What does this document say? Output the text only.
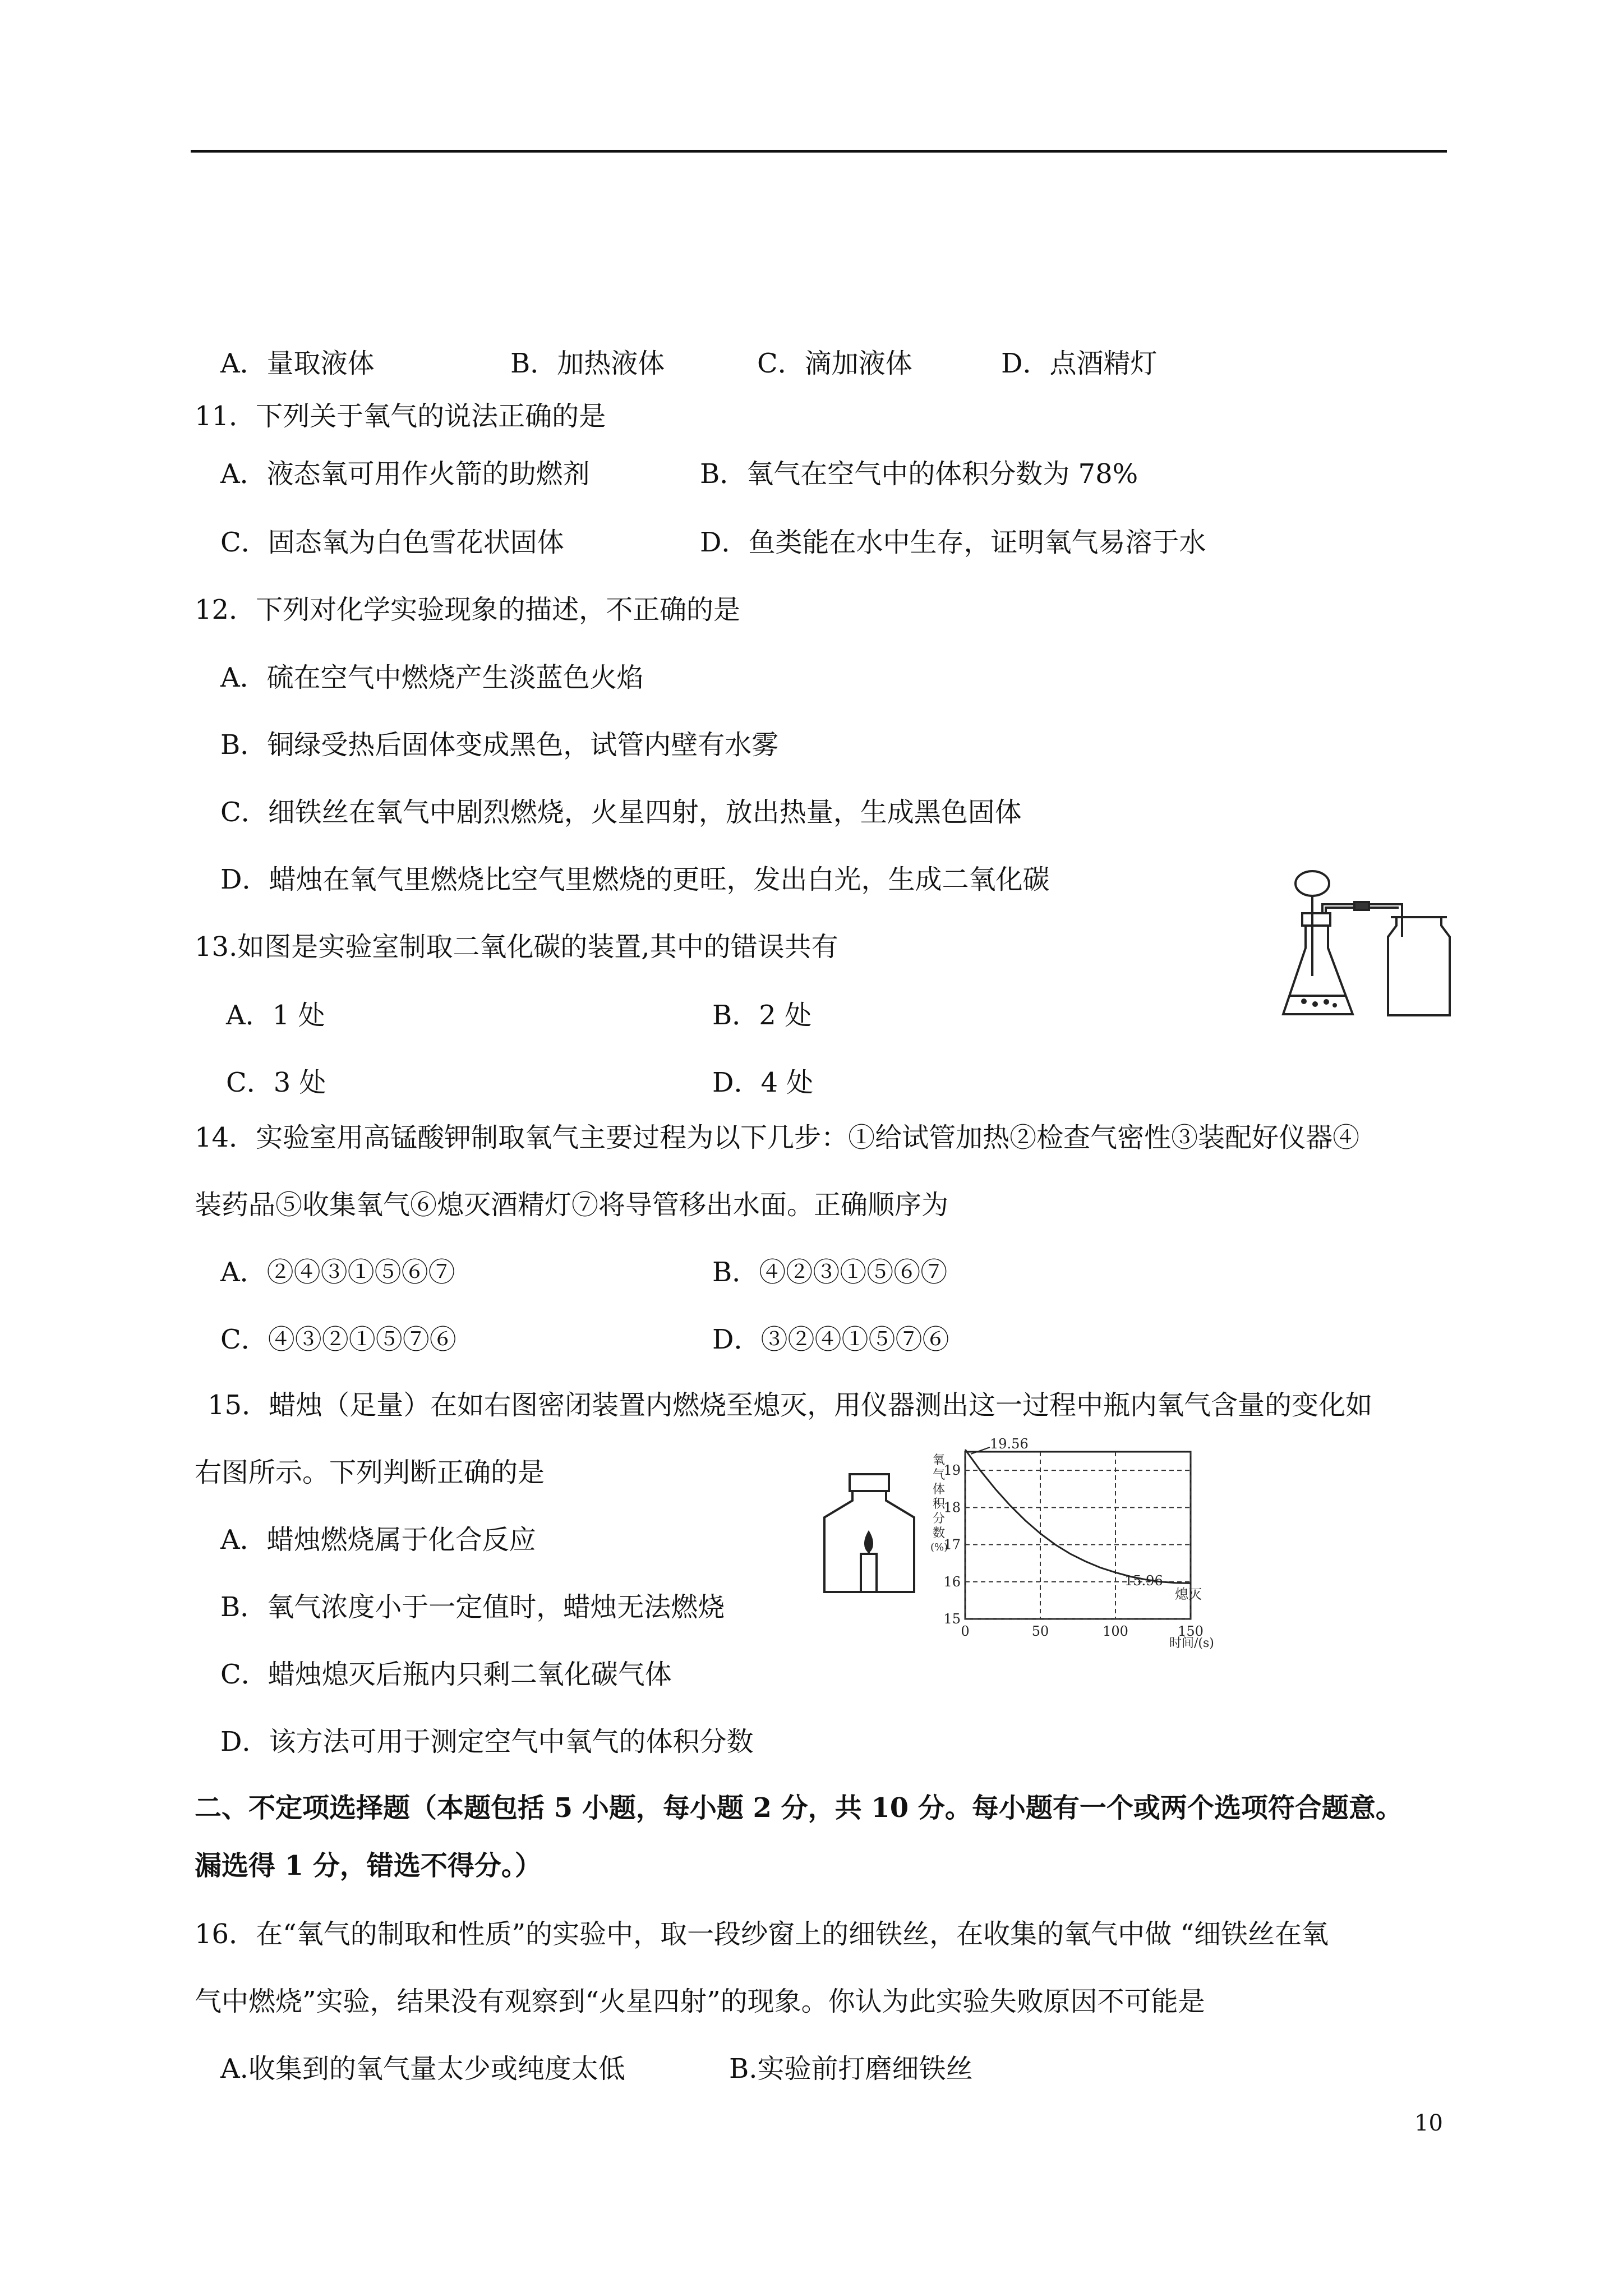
A．量取液体	B．加热液体	C．滴加液体	D．点酒精灯
11．下列关于氧气的说法正确的是
A．液态氧可用作火箭的助燃剂	B．氧气在空气中的体积分数为 78%
C．固态氧为白色雪花状固体	D．鱼类能在水中生存，证明氧气易溶于水
12．下列对化学实验现象的描述，不正确的是
A．硫在空气中燃烧产生淡蓝色火焰
B．铜绿受热后固体变成黑色，试管内壁有水雾
C．细铁丝在氧气中剧烈燃烧，火星四射，放出热量，生成黑色固体
D．蜡烛在氧气里燃烧比空气里燃烧的更旺，发出白光，生成二氧化碳
13.如图是实验室制取二氧化碳的装置,其中的错误共有
A．1 处	B．2 处
C．3 处	D．4 处
14．实验室用高锰酸钾制取氧气主要过程为以下几步：①给试管加热②检查气密性③装配好仪器④
装药品⑤收集氧气⑥熄灭酒精灯⑦将导管移出水面。正确顺序为
A．②④③①⑤⑥⑦	B．④②③①⑤⑥⑦
C．④③②①⑤⑦⑥	D．③②④①⑤⑦⑥
15．蜡烛（足量）在如右图密闭装置内燃烧至熄灭，用仪器测出这一过程中瓶内氧气含量的变化如
右图所示。下列判断正确的是
A．蜡烛燃烧属于化合反应
B．氧气浓度小于一定值时，蜡烛无法燃烧
C．蜡烛熄灭后瓶内只剩二氧化碳气体
D．该方法可用于测定空气中氧气的体积分数
15
16
17
18
19
0	50	100	150
氧
气
体
积
分
数
(%)
时间/(s)
19.56
15.96
熄灭
二、不定项选择题（本题包括 5 小题，每小题 2 分，共 10 分。每小题有一个或两个选项符合题意。
漏选得 1 分，错选不得分。）
16．在“氧气的制取和性质”的实验中，取一段纱窗上的细铁丝，在收集的氧气中做 “细铁丝在氧
气中燃烧”实验，结果没有观察到“火星四射”的现象。你认为此实验失败原因不可能是
A.收集到的氧气量太少或纯度太低	B.实验前打磨细铁丝
10
